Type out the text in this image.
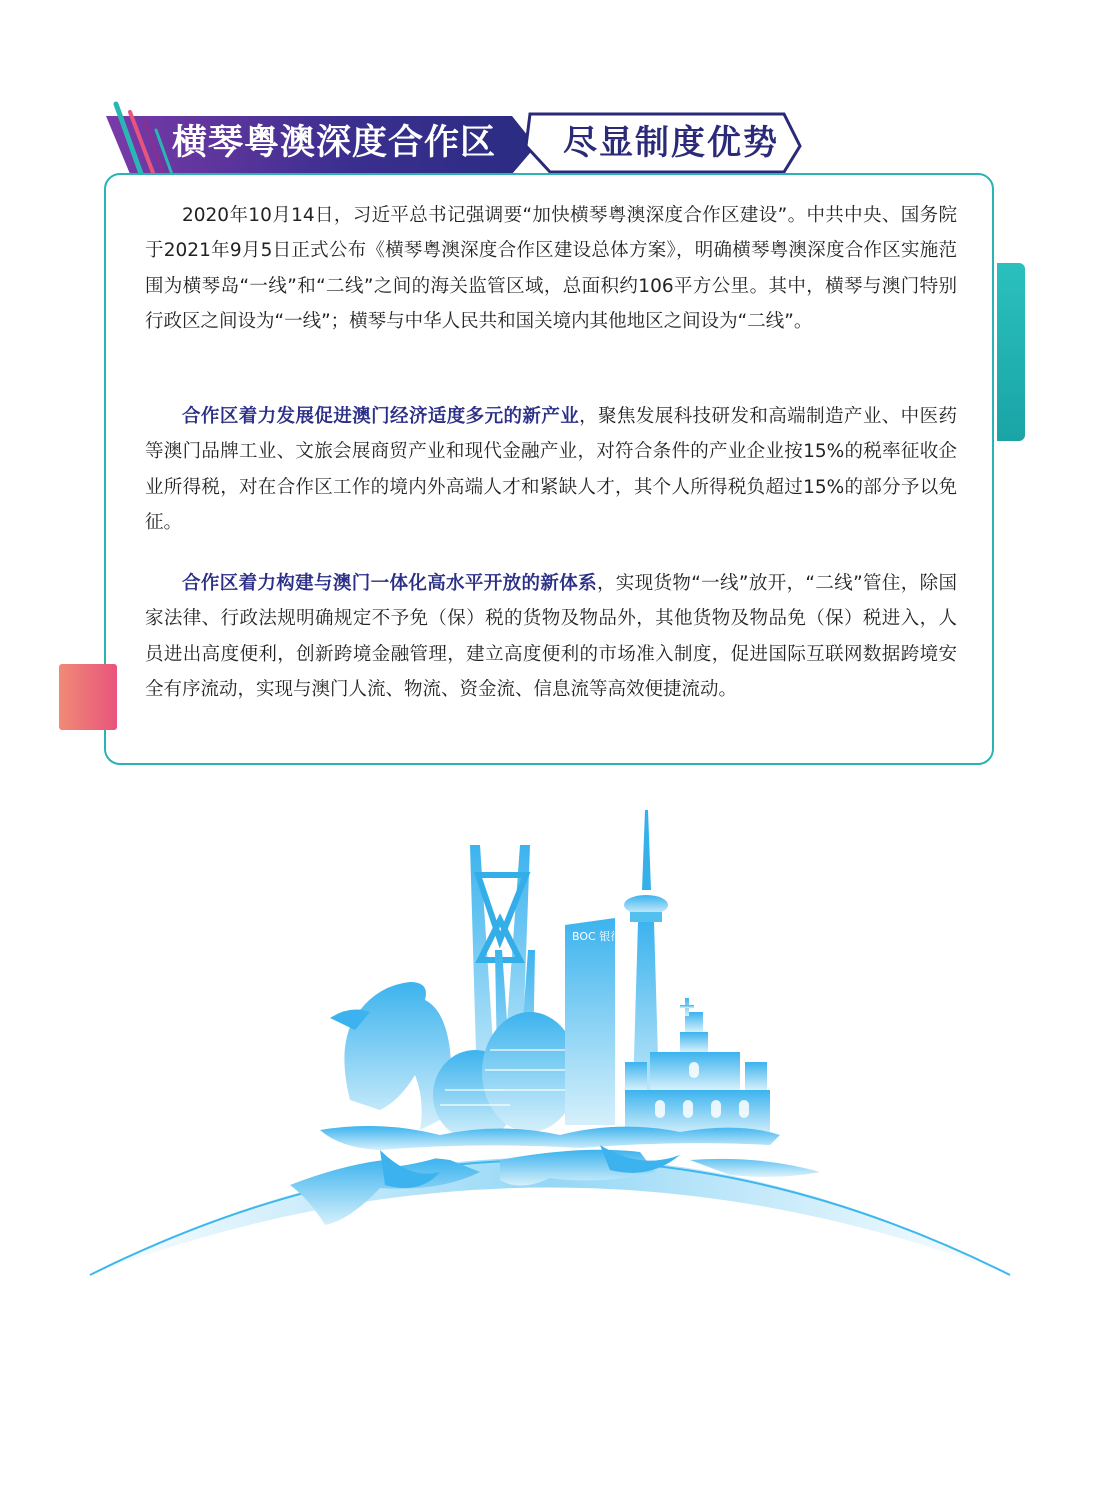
横琴粤澳深度合作区 尽显制度优势

2020年10月14日，习近平总书记强调要“加快横琴粤澳深度合作区建设”。中共中央、国务院于2021年9月5日正式公布《横琴粤澳深度合作区建设总体方案》，明确横琴粤澳深度合作区实施范围为横琴岛“一线”和“二线”之间的海关监管区域，总面积约106平方公里。其中，横琴与澳门特别行政区之间设为“一线”；横琴与中华人民共和国关境内其他地区之间设为“二线”。

合作区着力发展促进澳门经济适度多元的新产业，聚焦发展科技研发和高端制造产业、中医药等澳门品牌工业、文旅会展商贸产业和现代金融产业，对符合条件的产业企业按15%的税率征收企业所得税，对在合作区工作的境内外高端人才和紧缺人才，其个人所得税负超过15%的部分予以免征。

合作区着力构建与澳门一体化高水平开放的新体系，实现货物“一线”放开，“二线”管住，除国家法律、行政法规明确规定不予免（保）税的货物及物品外，其他货物及物品免（保）税进入，人员进出高度便利，创新跨境金融管理，建立高度便利的市场准入制度，促进国际互联网数据跨境安全有序流动，实现与澳门人流、物流、资金流、信息流等高效便捷流动。

BOC 银行
